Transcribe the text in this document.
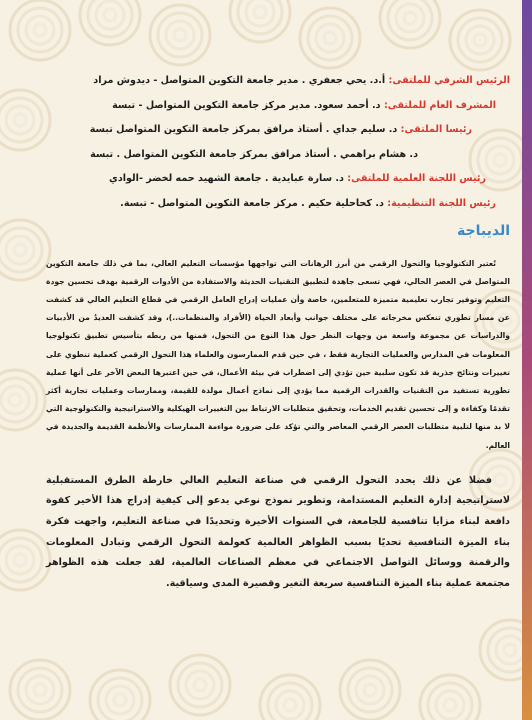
الرئيس الشرفي للملتقى: أ.د. يحي جعفري . مدير جامعة التكوين المتواصل - ديدوش مراد
المشرف العام للملتقى: د. أحمد سعود. مدير مركز جامعة التكوين المتواصل - تبسة
رئيسا الملتقى: د. سليم جداي . أستاذ مرافق بمركز جامعة التكوين المتواصل تبسة
د. هشام براهمي . أستاذ مرافق بمركز جامعة التكوين المتواصل . تبسة
رئيس اللجنة العلمية للملتقى: د. سارة عبايدية . جامعة الشهيد حمه لخضر -الوادي
رئيس اللجنة التنظيمية: د. كحاحلية حكيم . مركز جامعة التكوين المتواصل - تبسة.
الديباجة

تُعتبر التكنولوجيا والتحول الرقمي من أبرز الرهانات التي تواجهها مؤسسات التعليم العالي، بما في ذلك جامعة التكوين المتواصل في العصر الحالي، فهي تسعى جاهدة لتطبيق التقنيات الحديثة والاستفادة من الأدوات الرقمية بهدف تحسين جودة التعليم وتوفير تجارب تعليمية متميزة للمتعلمين، خاصة وأن عمليات إدراج العامل الرقمي في قطاع التعليم العالي قد كشفت عن مسار تطوري تنعكس مخرجاته على مختلف جوانب وأبعاد الحياة (الأفراد والمنظمات..)، وقد كشفت العديدُ من الأدبيات والدراسات عن مجموعة واسعة من وجهات النظر حول هذا النوع من التحول، فمنها من ربطه بتأسيس تطبيق تكنولوجيا المعلومات في المدارس والعمليات التجارية فقط ، في حين قدم الممارسون والعلماء هذا التحول الرقمي كعملية تنطوي على تغييرات ونتائج جذرية قد تكون سلبية حين تؤدي إلى اضطراب في بيئة الأعمال، في حين اعتبرها البعض الآخر على أنها عملية تطورية تستفيد من التقنيات والقدرات الرقمية مما يؤدي إلى نماذج أعمال مولدة للقيمة، وممارسات وعمليات تجارية أكثر تقدمًا وكفاءة و إلى تحسين تقديم الخدمات، وتحقيق متطلبات الارتباط بين التغييرات الهيكلية والاستراتيجية والتكنولوجية التي لا بد منها لتلبية متطلبات العصر الرقمي المعاصر والتي تؤكد على ضرورة مواءمة الممارسات والأنظمة القديمة والجديدة في العالم.

فضلا عن ذلك يحدد التحول الرقمي في صناعة التعليم العالي خارطة الطرق المستقبلية لاستراتيجية إدارة التعليم المستدامة، وتطوير نموذج نوعي يدعو إلى كيفية إدراج هذا الأخير كقوة دافعة لبناء مزايا تنافسية للجامعة، في السنوات الأخيرة وتحديدًا في صناعة التعليم، واجهت فكرة بناء الميزة التنافسية تحديًا بسبب الظواهر العالمية كعولمة التحول الرقمي وتبادل المعلومات والرقمنة ووسائل التواصل الاجتماعي في معظم الصناعات العالمية، لقد جعلت هذه الظواهر مجتمعة عملية بناء الميزة التنافسية سريعة التغير وقصيرة المدى وسياقية.
